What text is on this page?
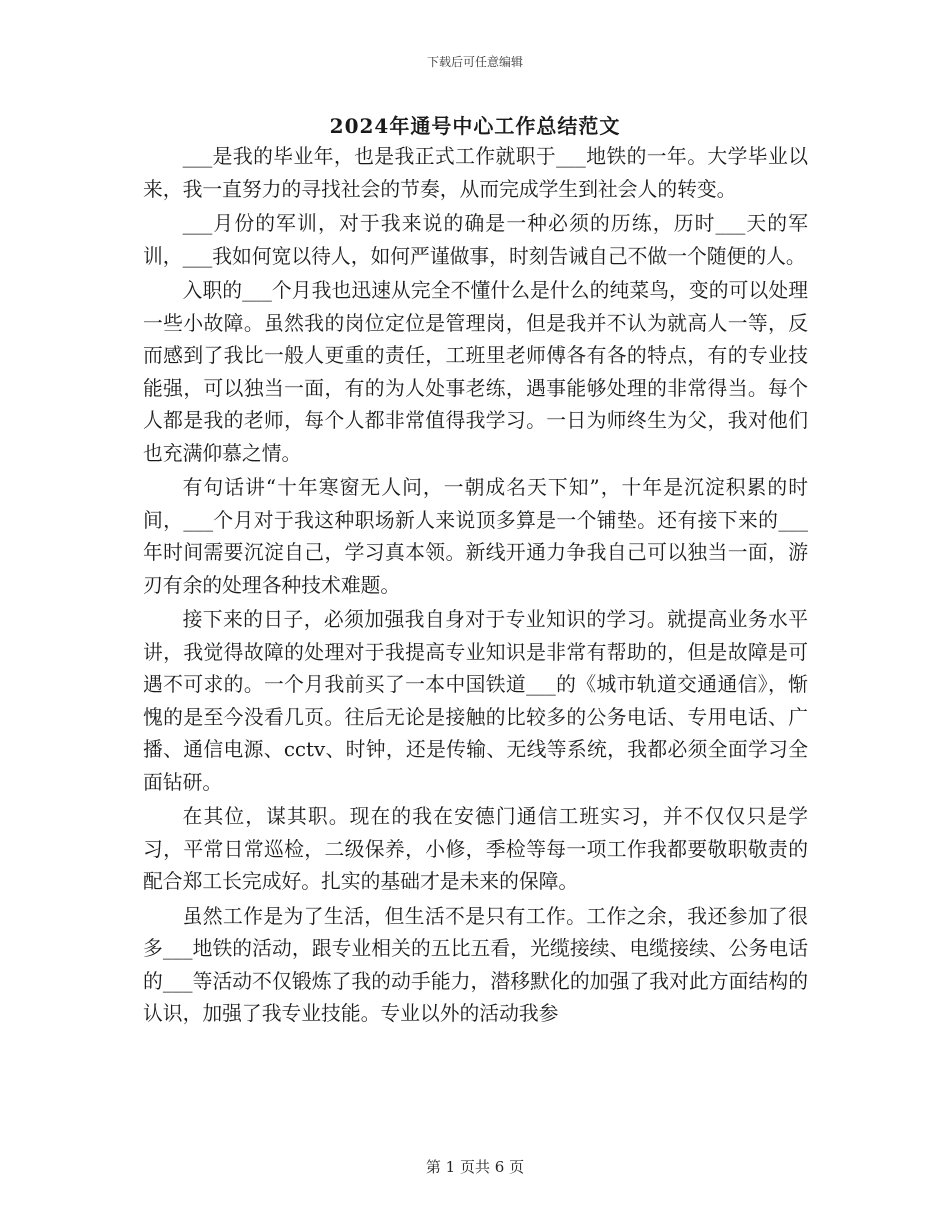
下载后可任意编辑
2024年通号中心工作总结范文

___是我的毕业年，也是我正式工作就职于___地铁的一年。大学毕业以来，我一直努力的寻找社会的节奏，从而完成学生到社会人的转变。

___月份的军训，对于我来说的确是一种必须的历练，历时___天的军训，___我如何宽以待人，如何严谨做事，时刻告诫自己不做一个随便的人。

入职的___个月我也迅速从完全不懂什么是什么的纯菜鸟，变的可以处理一些小故障。虽然我的岗位定位是管理岗，但是我并不认为就高人一等，反而感到了我比一般人更重的责任，工班里老师傅各有各的特点，有的专业技能强，可以独当一面，有的为人处事老练，遇事能够处理的非常得当。每个人都是我的老师，每个人都非常值得我学习。一日为师终生为父，我对他们也充满仰慕之情。

有句话讲“十年寒窗无人问，一朝成名天下知”，十年是沉淀积累的时间，___个月对于我这种职场新人来说顶多算是一个铺垫。还有接下来的___年时间需要沉淀自己，学习真本领。新线开通力争我自己可以独当一面，游刃有余的处理各种技术难题。

接下来的日子，必须加强我自身对于专业知识的学习。就提高业务水平讲，我觉得故障的处理对于我提高专业知识是非常有帮助的，但是故障是可遇不可求的。一个月我前买了一本中国铁道___的《城市轨道交通通信》，惭愧的是至今没看几页。往后无论是接触的比较多的公务电话、专用电话、广播、通信电源、cctv、时钟，还是传输、无线等系统，我都必须全面学习全面钻研。

在其位，谋其职。现在的我在安德门通信工班实习，并不仅仅只是学习，平常日常巡检，二级保养，小修，季检等每一项工作我都要敬职敬责的配合郑工长完成好。扎实的基础才是未来的保障。

虽然工作是为了生活，但生活不是只有工作。工作之余，我还参加了很多___地铁的活动，跟专业相关的五比五看，光缆接续、电缆接续、公务电话的___等活动不仅锻炼了我的动手能力，潜移默化的加强了我对此方面结构的认识，加强了我专业技能。专业以外的活动我参

第 1 页共 6 页
